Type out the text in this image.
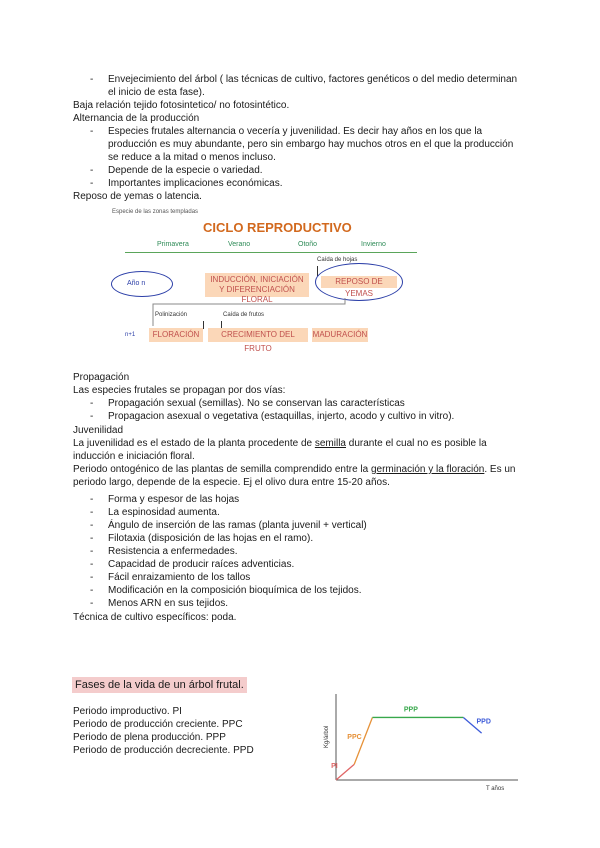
- Envejecimiento del árbol ( las técnicas de cultivo, factores genéticos o del medio determinan
el inicio de esta fase).
Baja relación tejido fotosintetico/ no fotosintético.
Alternancia de la producción
- Especies frutales alternancia o vecería y juvenilidad. Es decir hay años en los que la
producción es muy abundante, pero sin embargo hay muchos otros en el que la producción
se reduce a la mitad o menos incluso.
- Depende de la especie o variedad.
- Importantes implicaciones económicas.
Reposo de yemas o latencia.
Especie de las zonas templadas
CICLO REPRODUCTIVO
Primavera	Verano	Otoño	Invierno
Caída de hojas
Año n	INDUCCIÓN, INICIACIÓN
Y DIFERENCIACIÓN FLORAL
REPOSO DE YEMAS
Polinización	Caída de frutos
n+1	FLORACIÓN	CRECIMIENTO DEL FRUTO
MADURACIÓN
Propagación
Las especies frutales se propagan por dos vías:
- Propagación sexual (semillas). No se conservan las características
- Propagacion asexual o vegetativa (estaquillas, injerto, acodo y cultivo in vitro).
Juvenilidad
La juvenilidad es el estado de la planta procedente de semilla durante el cual no es posible la
inducción e iniciación floral.
Periodo ontogénico de las plantas de semilla comprendido entre la germinación y la floración. Es un
periodo largo, depende de la especie. Ej el olivo dura entre 15-20 años.
- Forma y espesor de las hojas
- La espinosidad aumenta.
- Ángulo de inserción de las ramas (planta juvenil + vertical)
- Filotaxia (disposición de las hojas en el ramo).
- Resistencia a enfermedades.
- Capacidad de producir raíces adventicias.
- Fácil enraizamiento de los tallos
- Modificación en la composición bioquímica de los tejidos.
- Menos ARN en sus tejidos.
Técnica de cultivo específicos: poda.
Fases de la vida de un árbol frutal.
Periodo improductivo. PI
Periodo de producción creciente. PPC
Periodo de plena producción. PPP
Periodo de producción decreciente. PPD
Kg/árbol
T años
PI
PPC
PPP
PPD
